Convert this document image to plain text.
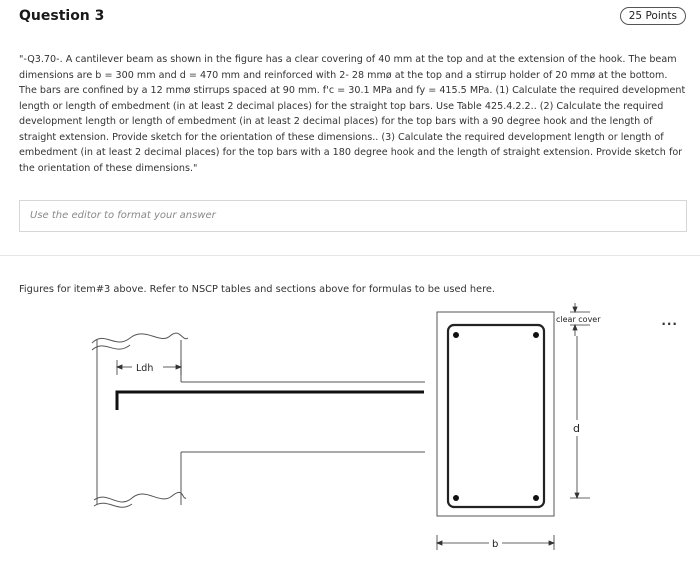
Question 3	25 Points
"-Q3.70-. A cantilever beam as shown in the figure has a clear covering of 40 mm at the top and at the extension of the hook. The beam dimensions are b = 300 mm and d = 470 mm and reinforced with 2- 28 mmø at the top and a stirrup holder of 20 mmø at the bottom. The bars are confined by a 12 mmø stirrups spaced at 90 mm. f'c = 30.1 MPa and fy = 415.5 MPa. (1) Calculate the required development length or length of embedment (in at least 2 decimal places) for the straight top bars. Use Table 425.4.2.2.. (2) Calculate the required development length or length of embedment (in at least 2 decimal places) for the top bars with a 90 degree hook and the length of straight extension. Provide sketch for the orientation of these dimensions.. (3) Calculate the required development length or length of embedment (in at least 2 decimal places) for the top bars with a 180 degree hook and the length of straight extension. Provide sketch for the orientation of these dimensions."
Use the editor to format your answer
Figures for item#3 above. Refer to NSCP tables and sections above for formulas to be used here.
...
Ldh
clear cover
d
b
